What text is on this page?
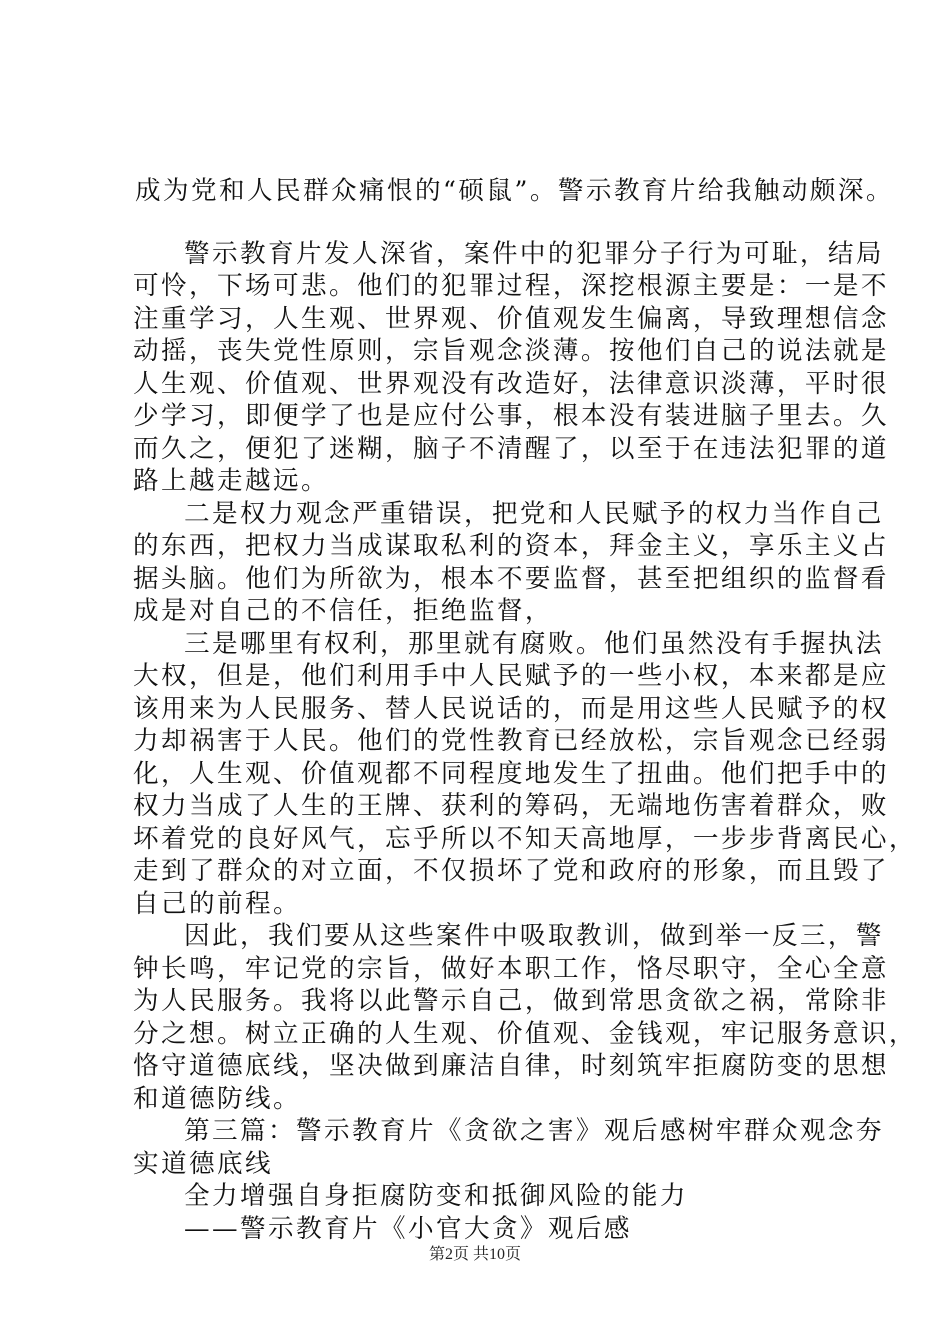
成为党和人民群众痛恨的“硕鼠”。警示教育片给我触动颇深。

警示教育片发人深省，案件中的犯罪分子行为可耻，结局

可怜，下场可悲。他们的犯罪过程，深挖根源主要是：一是不

注重学习，人生观、世界观、价值观发生偏离，导致理想信念

动摇，丧失党性原则，宗旨观念淡薄。按他们自己的说法就是

人生观、价值观、世界观没有改造好，法律意识淡薄，平时很

少学习，即便学了也是应付公事，根本没有装进脑子里去。久

而久之，便犯了迷糊，脑子不清醒了，以至于在违法犯罪的道

路上越走越远。

二是权力观念严重错误，把党和人民赋予的权力当作自己

的东西，把权力当成谋取私利的资本，拜金主义，享乐主义占

据头脑。他们为所欲为，根本不要监督，甚至把组织的监督看

成是对自己的不信任，拒绝监督，

三是哪里有权利，那里就有腐败。他们虽然没有手握执法

大权，但是，他们利用手中人民赋予的一些小权，本来都是应

该用来为人民服务、替人民说话的，而是用这些人民赋予的权

力却祸害于人民。他们的党性教育已经放松，宗旨观念已经弱

化，人生观、价值观都不同程度地发生了扭曲。他们把手中的

权力当成了人生的王牌、获利的筹码，无端地伤害着群众，败

坏着党的良好风气，忘乎所以不知天高地厚，一步步背离民心，

走到了群众的对立面，不仅损坏了党和政府的形象，而且毁了

自己的前程。

因此，我们要从这些案件中吸取教训，做到举一反三，警

钟长鸣，牢记党的宗旨，做好本职工作，恪尽职守，全心全意

为人民服务。我将以此警示自己，做到常思贪欲之祸，常除非

分之想。树立正确的人生观、价值观、金钱观，牢记服务意识，

恪守道德底线，坚决做到廉洁自律，时刻筑牢拒腐防变的思想

和道德防线。

第三篇：警示教育片《贪欲之害》观后感树牢群众观念夯

实道德底线

全力增强自身拒腐防变和抵御风险的能力

——警示教育片《小官大贪》观后感

第2页 共10页
